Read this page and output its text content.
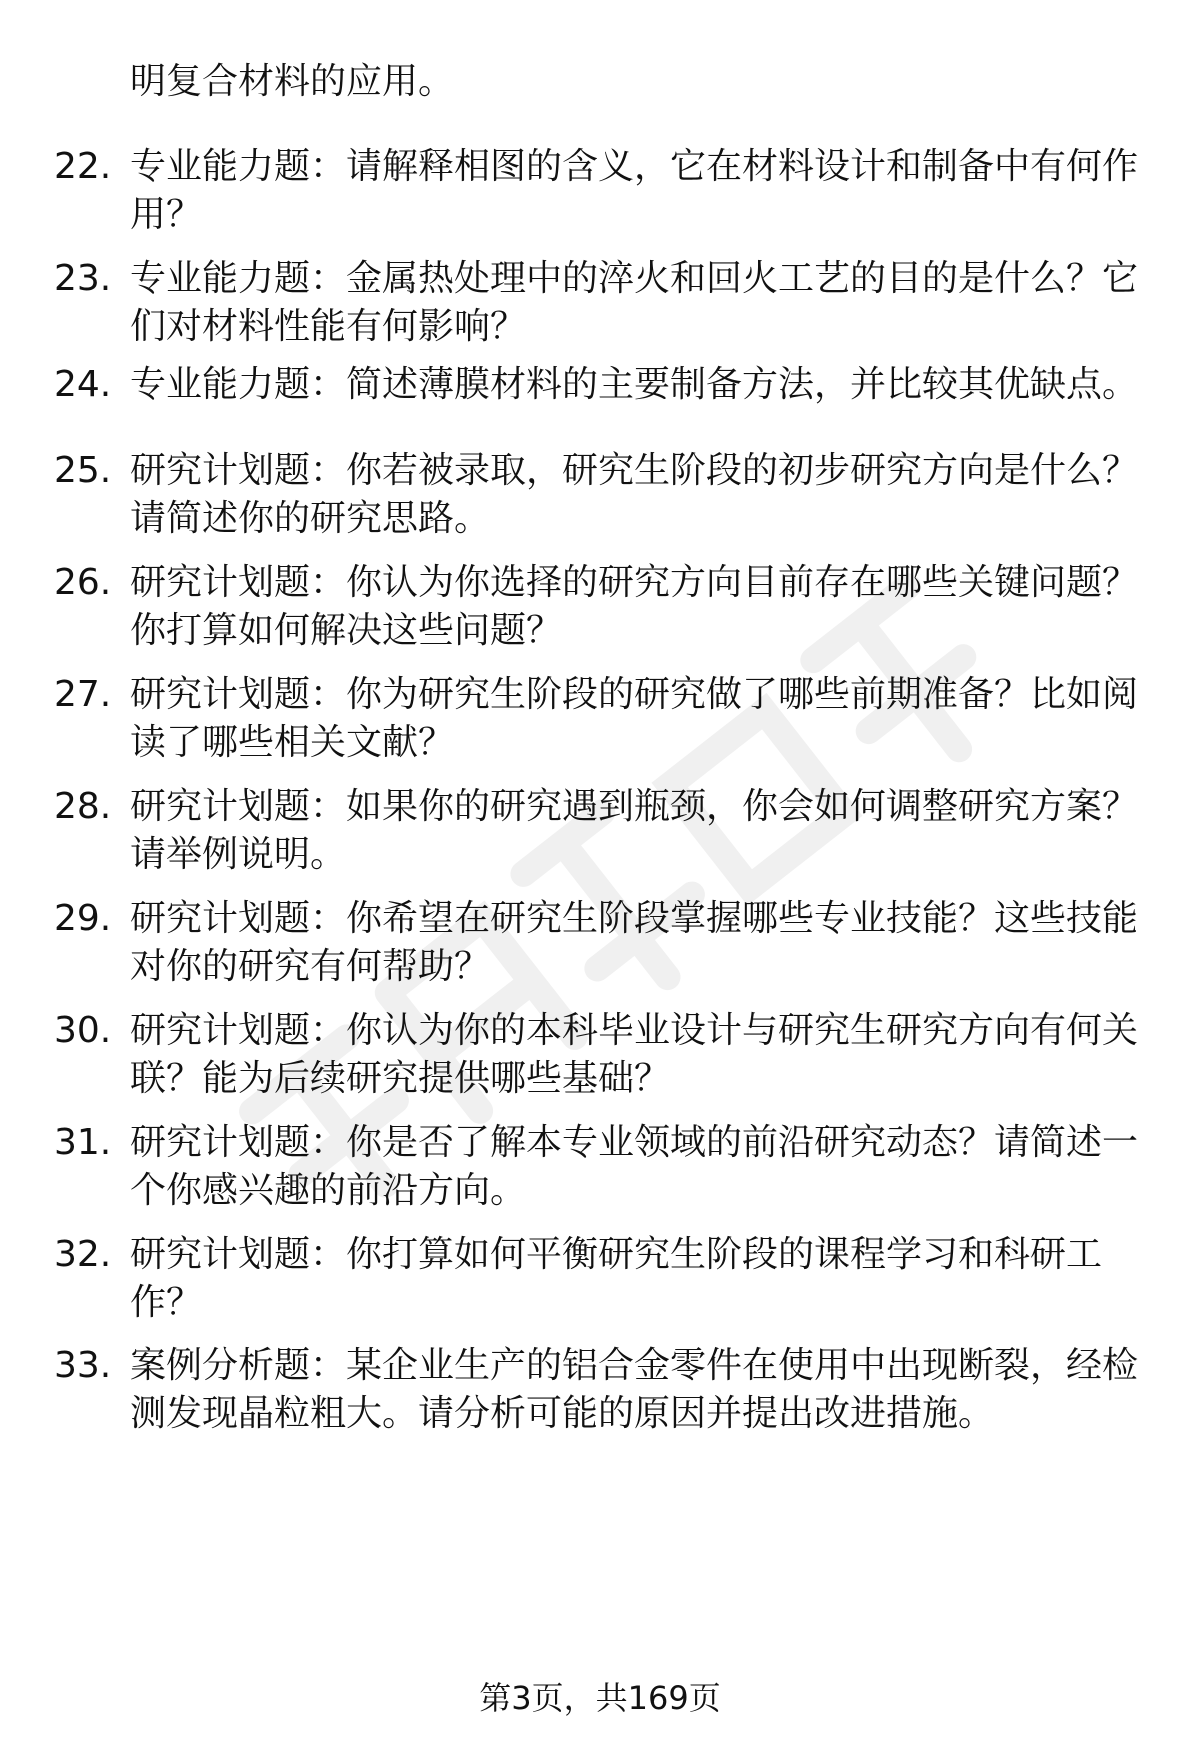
明复合材料的应用。
22. 专业能力题：请解释相图的含义，它在材料设计和制备中有何作
用？
23. 专业能力题：金属热处理中的淬火和回火工艺的目的是什么？它
们对材料性能有何影响？
24. 专业能力题：简述薄膜材料的主要制备方法，并比较其优缺点。
25. 研究计划题：你若被录取，研究生阶段的初步研究方向是什么？
请简述你的研究思路。
26. 研究计划题：你认为你选择的研究方向目前存在哪些关键问题？
你打算如何解决这些问题？
27. 研究计划题：你为研究生阶段的研究做了哪些前期准备？比如阅
读了哪些相关文献？
28. 研究计划题：如果你的研究遇到瓶颈，你会如何调整研究方案？
请举例说明。
29. 研究计划题：你希望在研究生阶段掌握哪些专业技能？这些技能
对你的研究有何帮助？
30. 研究计划题：你认为你的本科毕业设计与研究生研究方向有何关
联？能为后续研究提供哪些基础？
31. 研究计划题：你是否了解本专业领域的前沿研究动态？请简述一
个你感兴趣的前沿方向。
32. 研究计划题：你打算如何平衡研究生阶段的课程学习和科研工
作？
33. 案例分析题：某企业生产的铝合金零件在使用中出现断裂，经检
测发现晶粒粗大。请分析可能的原因并提出改进措施。
第3页，共169页
